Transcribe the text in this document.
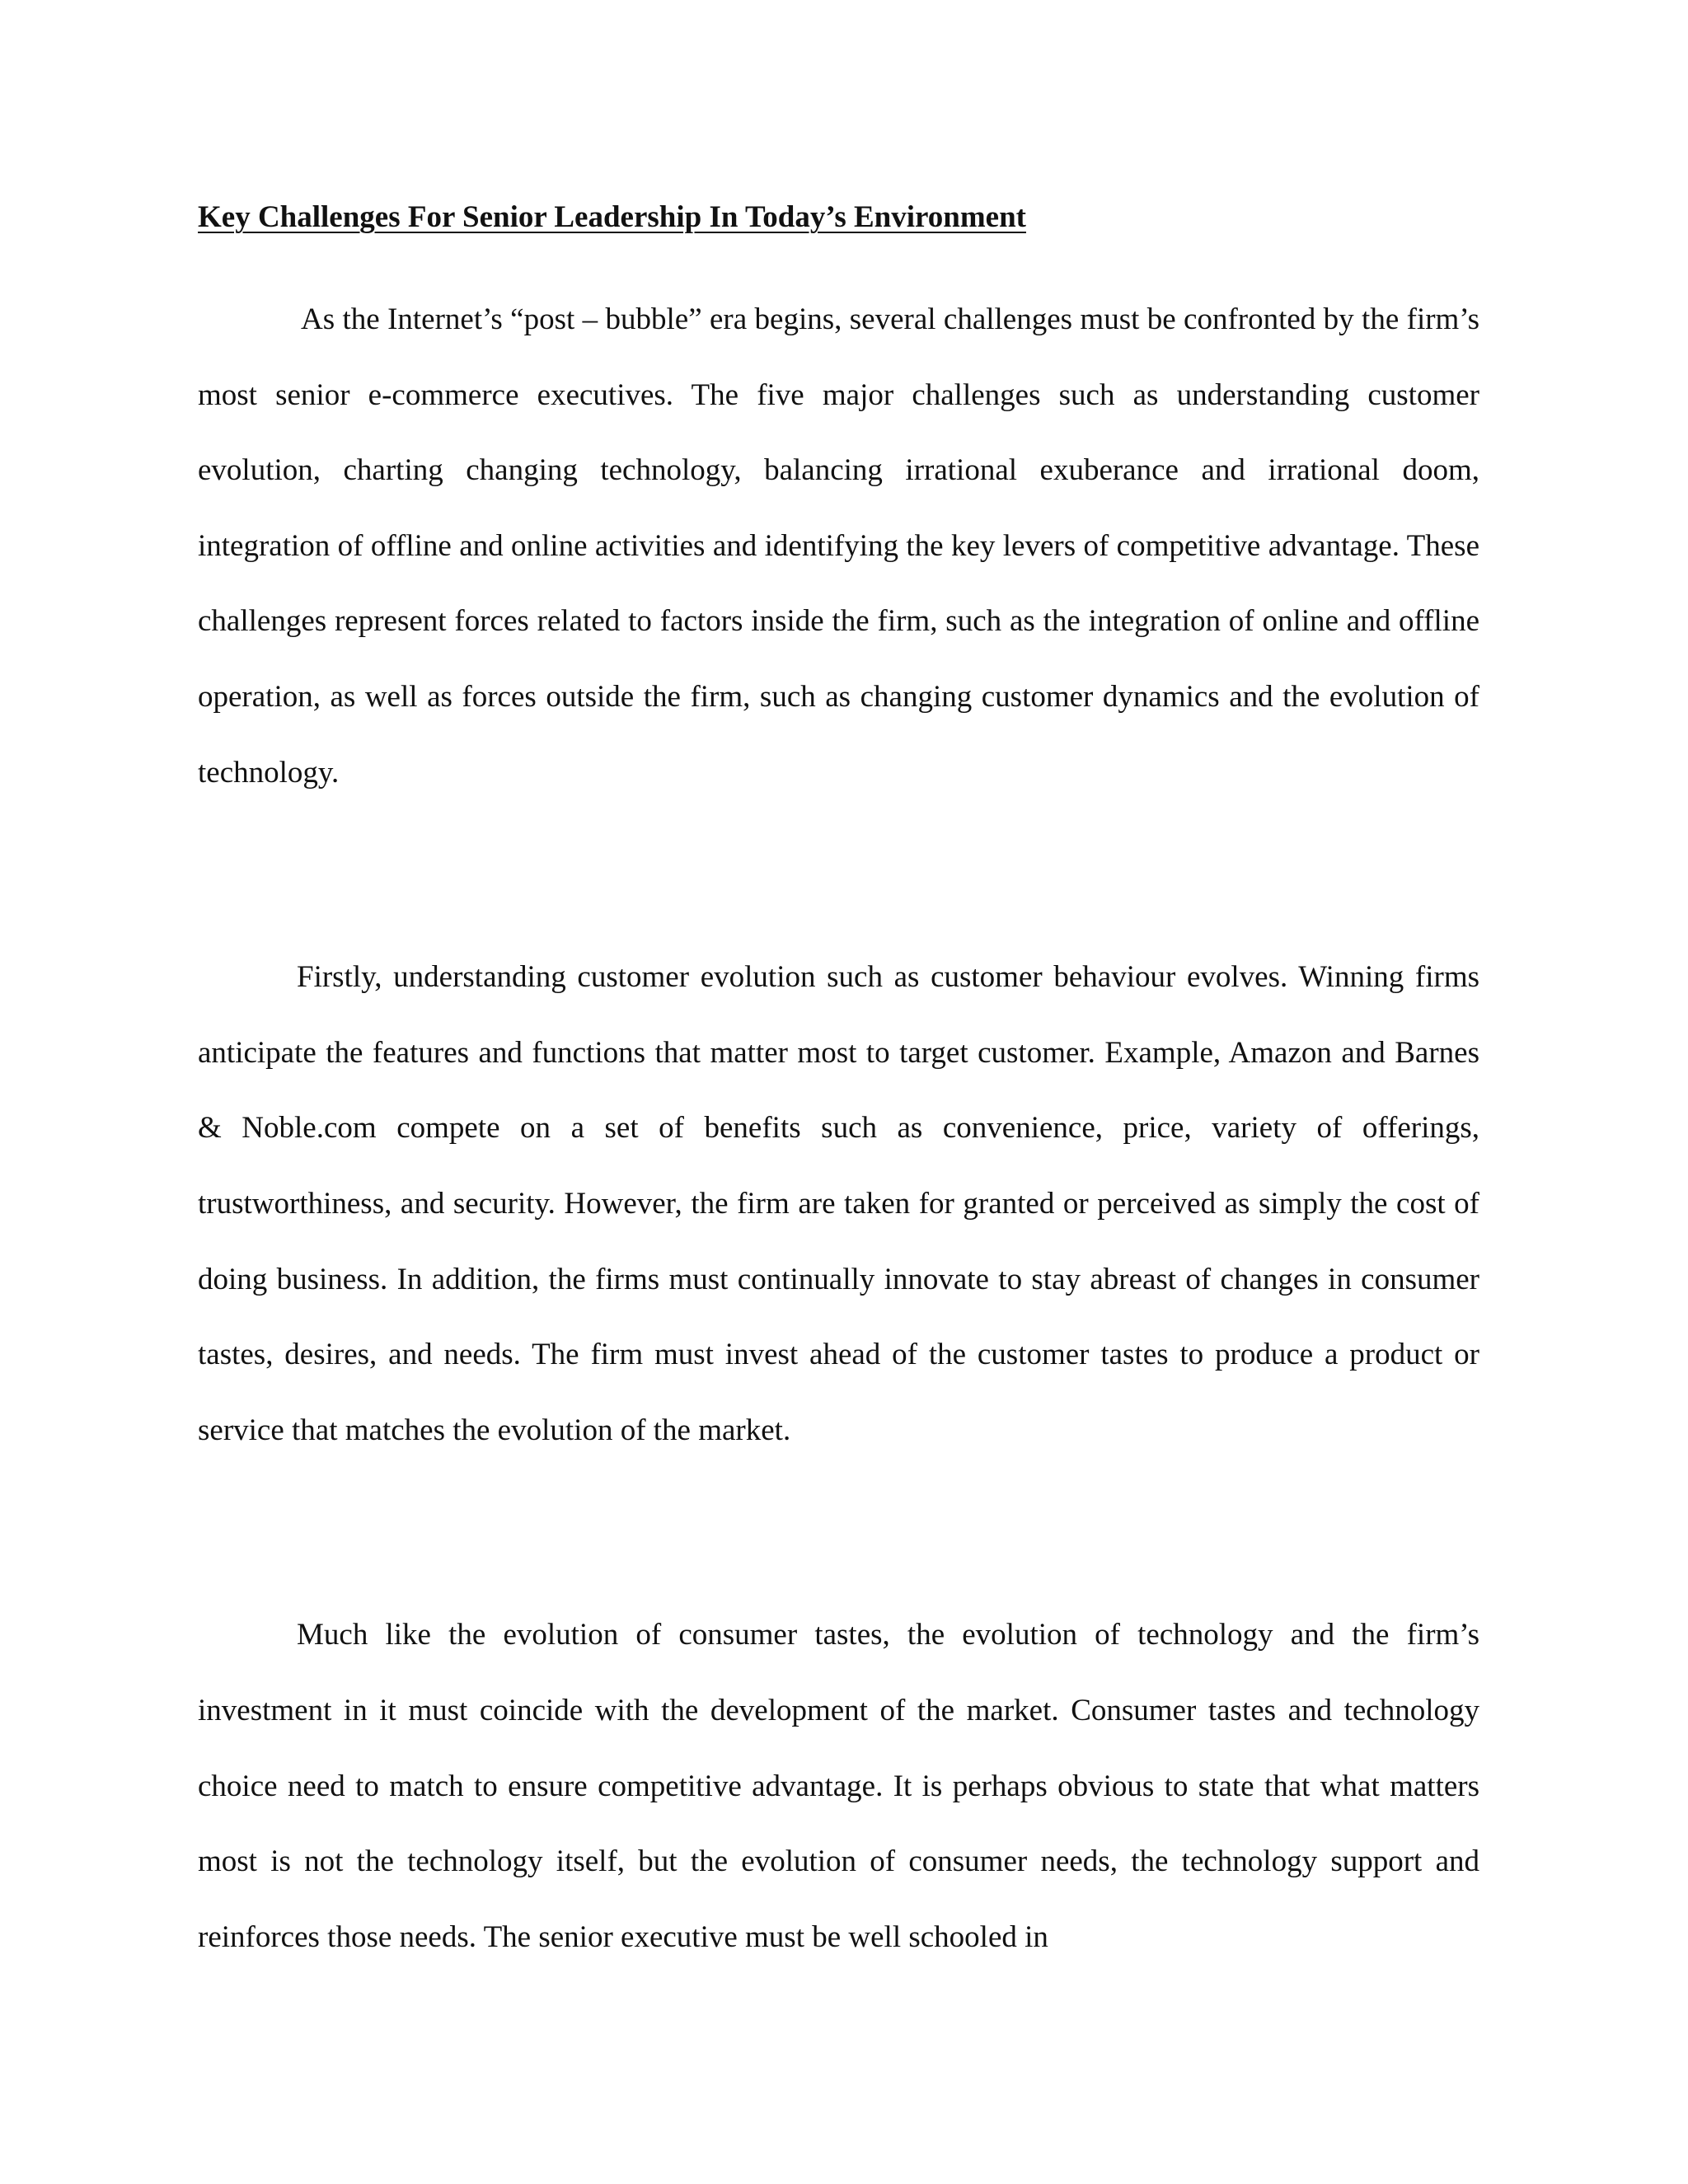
Key Challenges For Senior Leadership In Today’s Environment

As the Internet’s “post – bubble” era begins, several challenges must be confronted by the firm’s most senior e-commerce executives. The five major challenges such as understanding customer evolution, charting changing technology, balancing irrational exuberance and irrational doom, integration of offline and online activities and identifying the key levers of competitive advantage. These challenges represent forces related to factors inside the firm, such as the integration of online and offline operation, as well as forces outside the firm, such as changing customer dynamics and the evolution of technology.

Firstly, understanding customer evolution such as customer behaviour evolves. Winning firms anticipate the features and functions that matter most to target customer. Example, Amazon and Barnes & Noble.com compete on a set of benefits such as convenience, price, variety of offerings, trustworthiness, and security. However, the firm are taken for granted or perceived as simply the cost of doing business. In addition, the firms must continually innovate to stay abreast of changes in consumer tastes, desires, and needs. The firm must invest ahead of the customer tastes to produce a product or service that matches the evolution of the market.

Much like the evolution of consumer tastes, the evolution of technology and the firm’s investment in it must coincide with the development of the market. Consumer tastes and technology choice need to match to ensure competitive advantage. It is perhaps obvious to state that what matters most is not the technology itself, but the evolution of consumer needs, the technology support and reinforces those needs. The senior executive must be well schooled in
